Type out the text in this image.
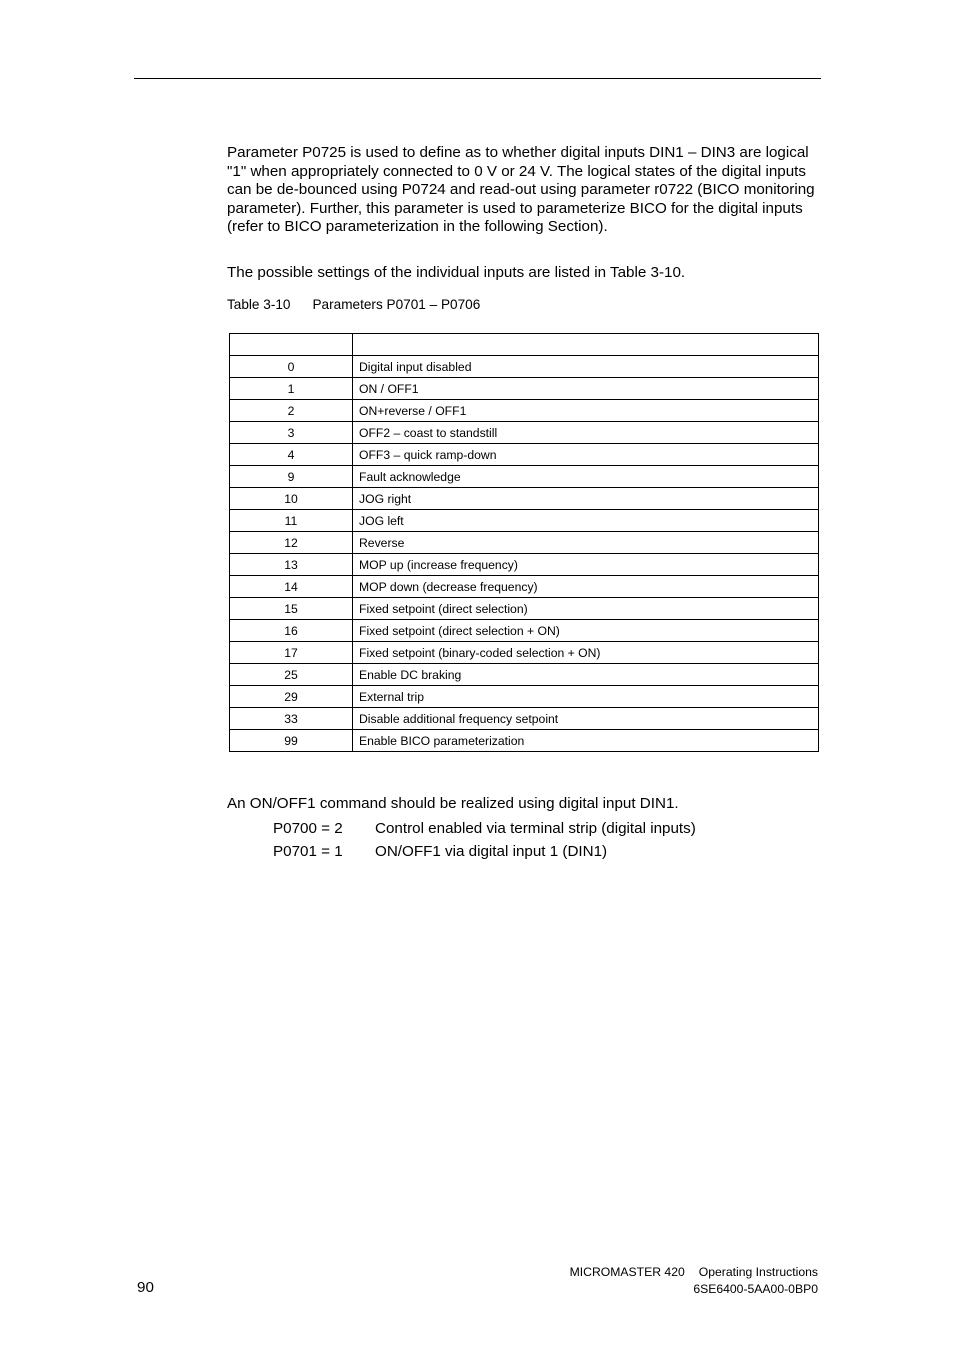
Parameter P0725 is used to define as to whether digital inputs DIN1 – DIN3 are logical "1" when appropriately connected to 0 V or 24 V. The logical states of the digital inputs can be de-bounced using P0724 and read-out using parameter r0722 (BICO monitoring parameter). Further, this parameter is used to parameterize BICO for the digital inputs (refer to BICO parameterization in the following Section).

The possible settings of the individual inputs are listed in Table 3-10.

Table 3-10 Parameters P0701 – P0706

0	Digital input disabled
1	ON / OFF1
2	ON+reverse / OFF1
3	OFF2 – coast to standstill
4	OFF3 – quick ramp-down
9	Fault acknowledge
10	JOG right
11	JOG left
12	Reverse
13	MOP up (increase frequency)
14	MOP down (decrease frequency)
15	Fixed setpoint (direct selection)
16	Fixed setpoint (direct selection + ON)
17	Fixed setpoint (binary-coded selection + ON)
25	Enable DC braking
29	External trip
33	Disable additional frequency setpoint
99	Enable BICO parameterization

An ON/OFF1 command should be realized using digital input DIN1.

P0700 = 2 Control enabled via terminal strip (digital inputs)
P0701 = 1 ON/OFF1 via digital input 1 (DIN1)
90
MICROMASTER 420 Operating Instructions
6SE6400-5AA00-0BP0
